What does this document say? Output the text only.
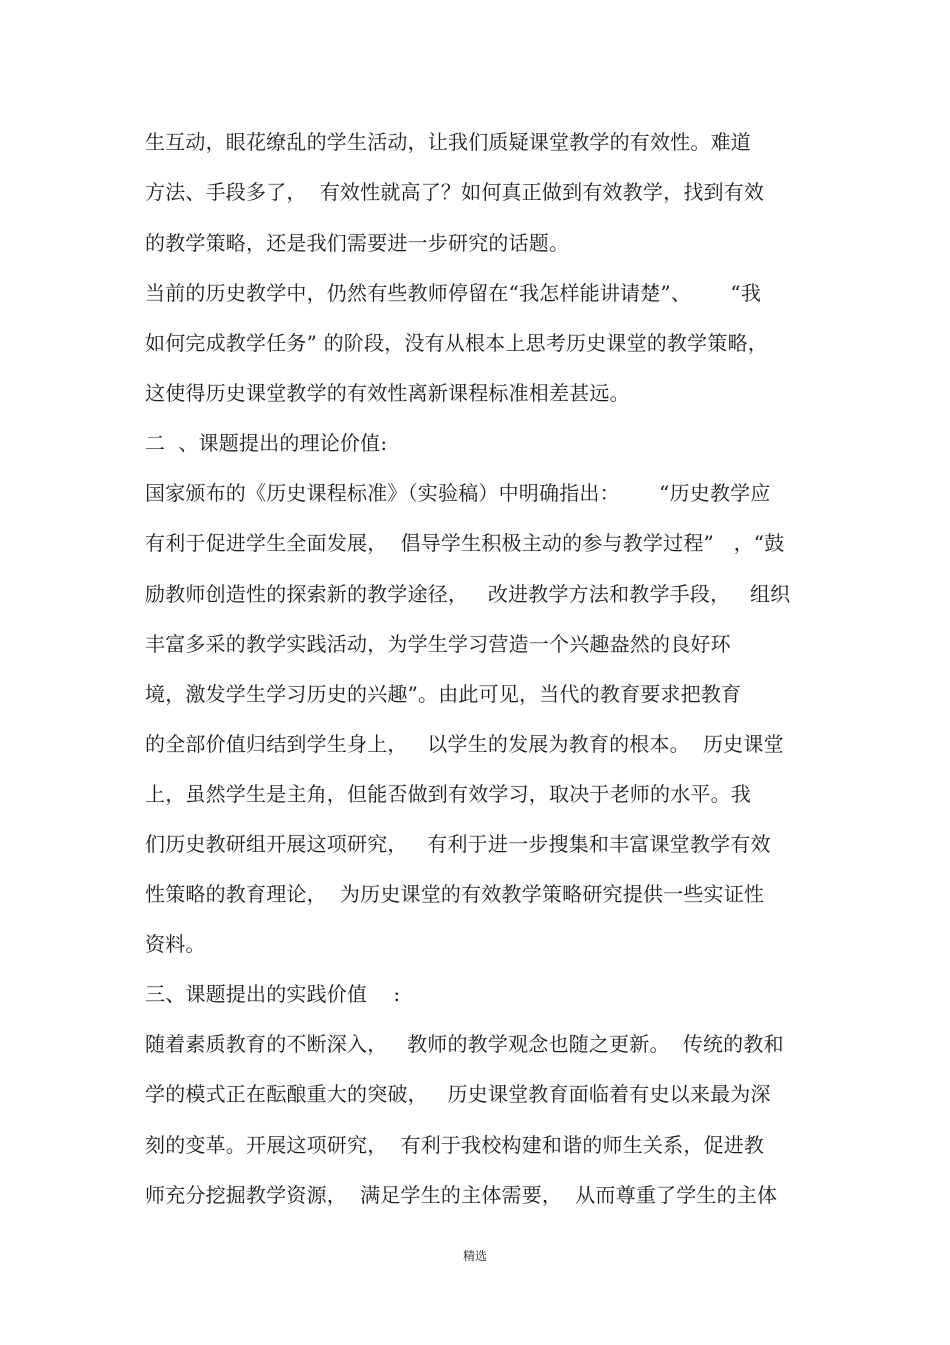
生互动，眼花缭乱的学生活动，让我们质疑课堂教学的有效性。难道
方法、手段多了，  有效性就高了？如何真正做到有效教学，找到有效
的教学策略，还是我们需要进一步研究的话题。
当前的历史教学中，仍然有些教师停留在“我怎样能讲请楚”、      “我
如何完成教学任务” 的阶段，没有从根本上思考历史课堂的教学策略，
这使得历史课堂教学的有效性离新课程标准相差甚远。
二  、课题提出的理论价值:
国家颁布的《历史课程标准》（实验稿）中明确指出：      “历史教学应
有利于促进学生全面发展，  倡导学生积极主动的参与教学过程”   ，“鼓
励教师创造性的探索新的教学途径，   改进教学方法和教学手段，   组织
丰富多采的教学实践活动，为学生学习营造一个兴趣盎然的良好环
境，激发学生学习历史的兴趣”。由此可见，当代的教育要求把教育
的全部价值归结到学生身上，   以学生的发展为教育的根本。  历史课堂
上，虽然学生是主角，但能否做到有效学习，取决于老师的水平。我
们历史教研组开展这项研究，   有利于进一步搜集和丰富课堂教学有效
性策略的教育理论，  为历史课堂的有效教学策略研究提供一些实证性
资料。
三、课题提出的实践价值    :
随着素质教育的不断深入，   教师的教学观念也随之更新。  传统的教和
学的模式正在酝酿重大的突破，   历史课堂教育面临着有史以来最为深
刻的变革。开展这项研究，  有利于我校构建和谐的师生关系，促进教
师充分挖掘教学资源，  满足学生的主体需要，  从而尊重了学生的主体
精选
